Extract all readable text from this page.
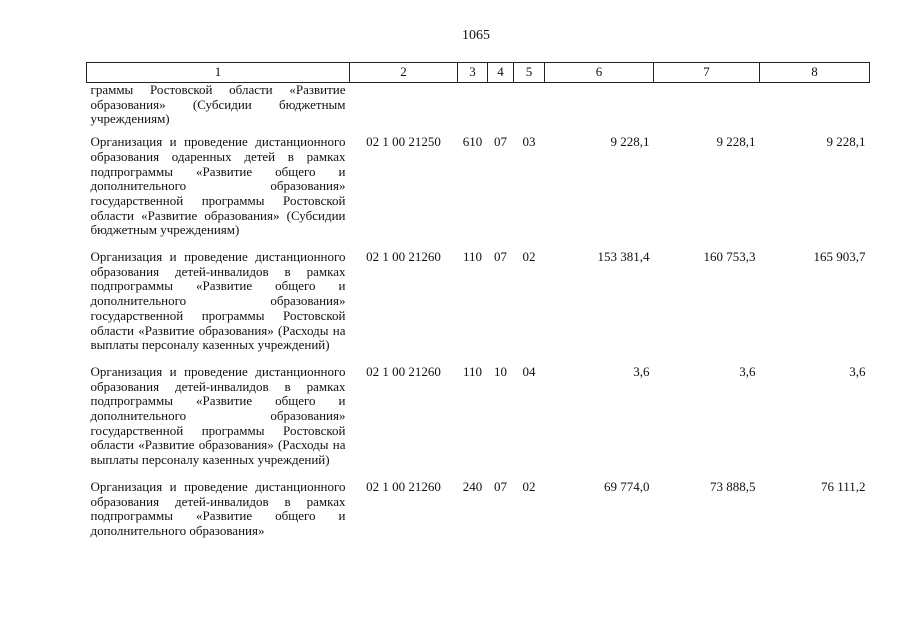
1065
1	2	3	4	5	6	7	8
граммы Ростовской области «Развитие образования» (Субсидии бюджетным учреждениям)							
Организация и проведение дистанционного образования одаренных детей в рамках подпрограммы «Развитие общего и дополнительного образования» государственной программы Ростовской области «Развитие образования» (Субсидии бюджетным учреждениям)	02 1 00 21250	610	07	03	9 228,1	9 228,1	9 228,1
Организация и проведение дистанционного образования детей-инвалидов в рамках подпрограммы «Развитие общего и дополнительного образования» государственной программы Ростовской области «Развитие образования» (Расходы на выплаты персоналу казенных учреждений)	02 1 00 21260	110	07	02	153 381,4	160 753,3	165 903,7
Организация и проведение дистанционного образования детей-инвалидов в рамках подпрограммы «Развитие общего и дополнительного образования» государственной программы Ростовской области «Развитие образования» (Расходы на выплаты персоналу казенных учреждений)	02 1 00 21260	110	10	04	3,6	3,6	3,6
Организация и проведение дистанционного образования детей-инвалидов в рамках подпрограммы «Развитие общего и дополнительного образования»	02 1 00 21260	240	07	02	69 774,0	73 888,5	76 111,2
